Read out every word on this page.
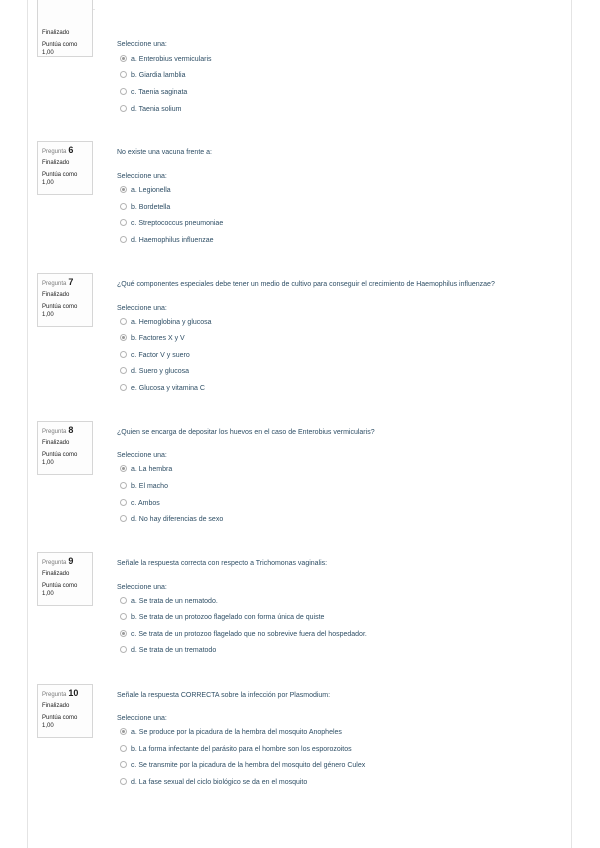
Finalizado
Puntúa como
1,00
Seleccione una:
a. Enterobius vermicularis
b. Giardia lamblia
c. Taenia saginata
d. Taenia solium
Pregunta 6
Finalizado
Puntúa como
1,00
No existe una vacuna frente a:
Seleccione una:
a. Legionella
b. Bordetella
c. Streptococcus pneumoniae
d. Haemophilus influenzae
Pregunta 7
Finalizado
Puntúa como
1,00
¿Qué componentes especiales debe tener un medio de cultivo para conseguir el crecimiento de Haemophilus influenzae?
Seleccione una:
a. Hemoglobina y glucosa
b. Factores X y V
c. Factor V y suero
d. Suero y glucosa
e. Glucosa y vitamina C
Pregunta 8
Finalizado
Puntúa como
1,00
¿Quien se encarga de depositar los huevos en el caso de Enterobius vermicularis?
Seleccione una:
a. La hembra
b. El macho
c. Ambos
d. No hay diferencias de sexo
Pregunta 9
Finalizado
Puntúa como
1,00
Señale la respuesta correcta con respecto a Trichomonas vaginalis:
Seleccione una:
a. Se trata de un nematodo.
b. Se trata de un protozoo flagelado con forma única de quiste
c. Se trata de un protozoo flagelado que no sobrevive fuera del hospedador.
d. Se trata de un trematodo
Pregunta 10
Finalizado
Puntúa como
1,00
Señale la respuesta CORRECTA sobre la infección por Plasmodium:
Seleccione una:
a. Se produce por la picadura de la hembra del mosquito Anopheles
b. La forma infectante del parásito para el hombre son los esporozoitos
c. Se transmite por la picadura de la hembra del mosquito del género Culex
d. La fase sexual del ciclo biológico se da en el mosquito
